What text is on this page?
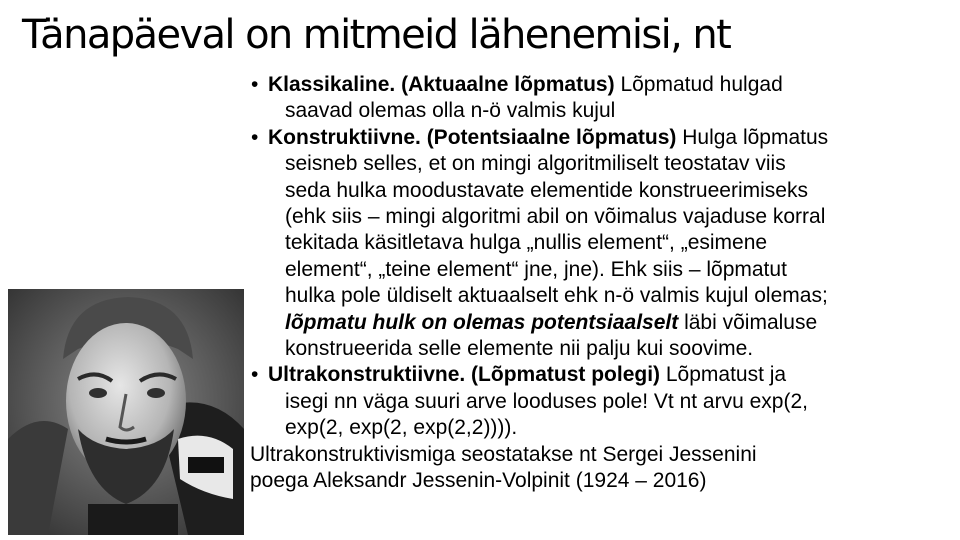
Tänapäeval on mitmeid lähenemisi, nt
• Klassikaline. (Aktuaalne lõpmatus) Lõpmatud hulgad

saavad olemas olla n-ö valmis kujul

• Konstruktiivne. (Potentsiaalne lõpmatus) Hulga lõpmatus

seisneb selles, et on mingi algoritmiliselt teostatav viis

seda hulka moodustavate elementide konstrueerimiseks

(ehk siis – mingi algoritmi abil on võimalus vajaduse korral

tekitada käsitletava hulga „nullis element“, „esimene

element“, „teine element“ jne, jne). Ehk siis – lõpmatut

hulka pole üldiselt aktuaalselt ehk n-ö valmis kujul olemas;

lõpmatu hulk on olemas potentsiaalselt läbi võimaluse

konstrueerida selle elemente nii palju kui soovime.

• Ultrakonstruktiivne. (Lõpmatust polegi) Lõpmatust ja

isegi nn väga suuri arve looduses pole! Vt nt arvu exp(2,

exp(2, exp(2, exp(2,2)))).

Ultrakonstruktivismiga seostatakse nt Sergei Jessenini

poega Aleksandr Jessenin-Volpinit (1924 – 2016)
